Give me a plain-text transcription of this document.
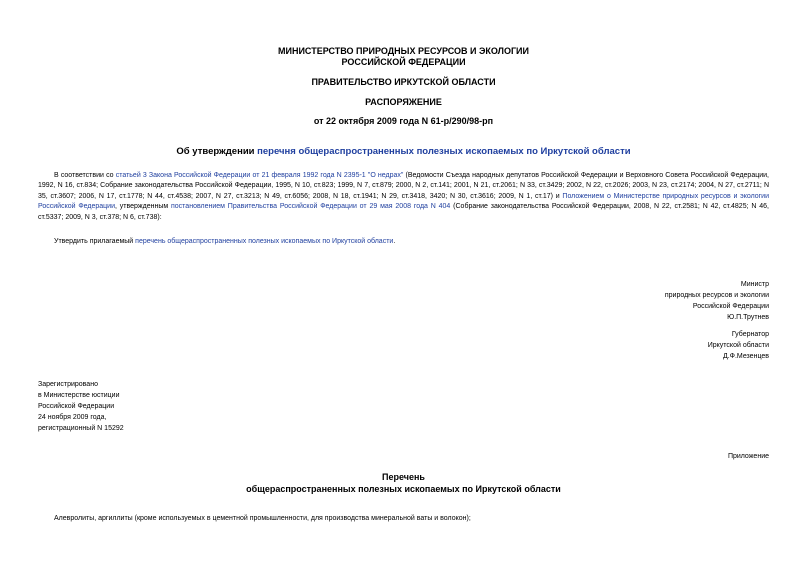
МИНИСТЕРСТВО ПРИРОДНЫХ РЕСУРСОВ И ЭКОЛОГИИ
РОССИЙСКОЙ ФЕДЕРАЦИИ
ПРАВИТЕЛЬСТВО ИРКУТСКОЙ ОБЛАСТИ
РАСПОРЯЖЕНИЕ
от 22 октября 2009 года N 61-р/290/98-рп
Об утверждении перечня общераспространенных полезных ископаемых по Иркутской области
В соответствии со статьей 3 Закона Российской Федерации от 21 февраля 1992 года N 2395-1 "О недрах" (Ведомости Съезда народных депутатов Российской Федерации и Верховного Совета Российской Федерации, 1992, N 16, ст.834; Собрание законодательства Российской Федерации, 1995, N 10, ст.823; 1999, N 7, ст.879; 2000, N 2, ст.141; 2001, N 21, ст.2061; N 33, ст.3429; 2002, N 22, ст.2026; 2003, N 23, ст.2174; 2004, N 27, ст.2711; N 35, ст.3607; 2006, N 17, ст.1778; N 44, ст.4538; 2007, N 27, ст.3213; N 49, ст.6056; 2008, N 18, ст.1941; N 29, ст.3418, 3420; N 30, ст.3616; 2009, N 1, ст.17) и Положением о Министерстве природных ресурсов и экологии Российской Федерации, утвержденным постановлением Правительства Российской Федерации от 29 мая 2008 года N 404 (Собрание законодательства Российской Федерации, 2008, N 22, ст.2581; N 42, ст.4825; N 46, ст.5337; 2009, N 3, ст.378; N 6, ст.738):
Утвердить прилагаемый перечень общераспространенных полезных ископаемых по Иркутской области.
Министр
природных ресурсов и экологии
Российской Федерации
Ю.П.Трутнев
Губернатор
Иркутской области
Д.Ф.Мезенцев
Зарегистрировано
в Министерстве юстиции
Российской Федерации
24 ноября 2009 года,
регистрационный N 15292
Приложение
Перечень
общераспространенных полезных ископаемых по Иркутской области
Алевролиты, аргиллиты (кроме используемых в цементной промышленности, для производства минеральной ваты и волокон);
